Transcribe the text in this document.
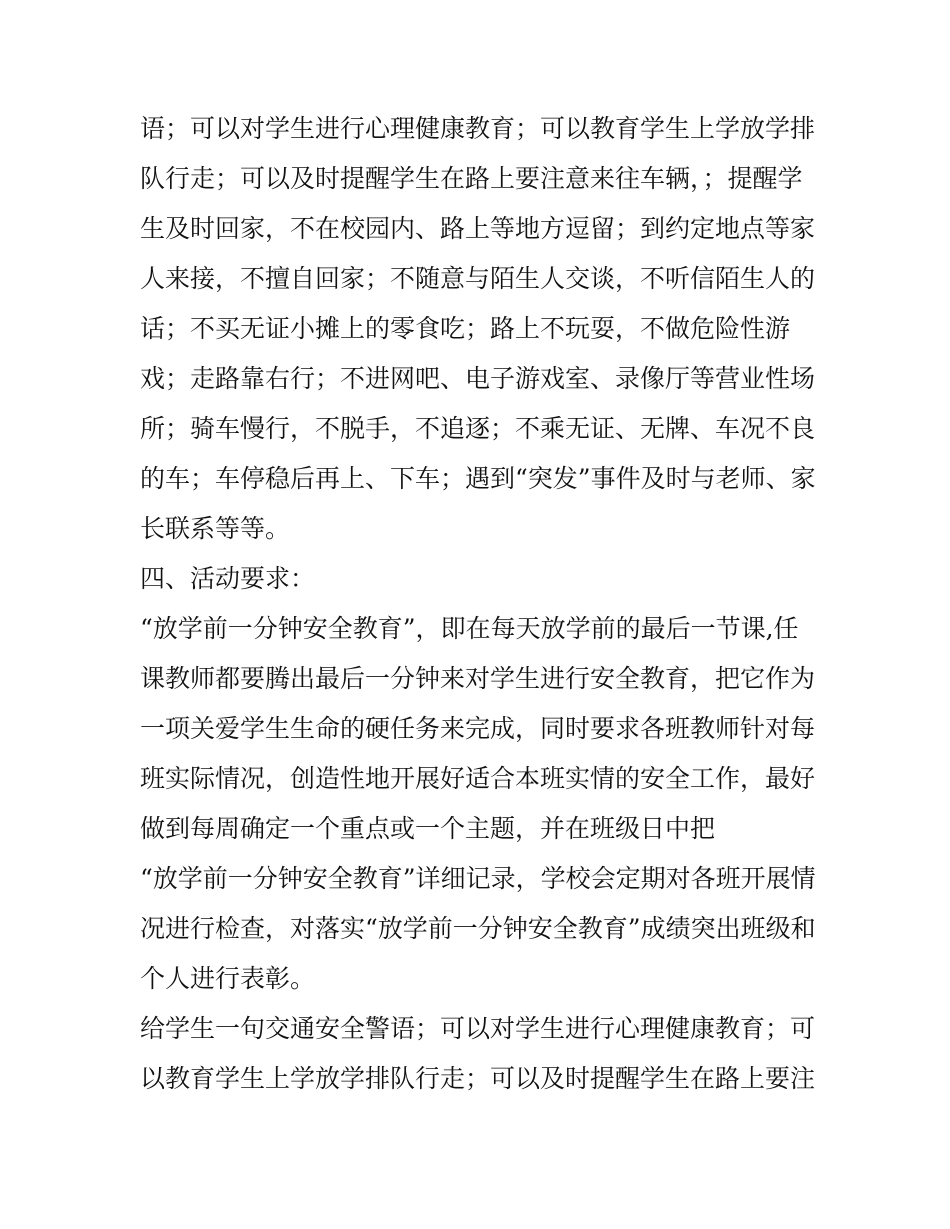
语；可以对学生进行心理健康教育；可以教育学生上学放学排
队行走；可以及时提醒学生在路上要注意来往车辆，；提醒学
生及时回家，不在校园内、路上等地方逗留；到约定地点等家
人来接，不擅自回家；不随意与陌生人交谈，不听信陌生人的
话；不买无证小摊上的零食吃；路上不玩耍，不做危险性游
戏；走路靠右行；不进网吧、电子游戏室、录像厅等营业性场
所；骑车慢行，不脱手，不追逐；不乘无证、无牌、车况不良
的车；车停稳后再上、下车；遇到“突发”事件及时与老师、家
长联系等等。
四、活动要求：
“放学前一分钟安全教育”，即在每天放学前的最后一节课,任
课教师都要腾出最后一分钟来对学生进行安全教育，把它作为
一项关爱学生生命的硬任务来完成，同时要求各班教师针对每
班实际情况，创造性地开展好适合本班实情的安全工作，最好
做到每周确定一个重点或一个主题，并在班级日中把
“放学前一分钟安全教育”详细记录，学校会定期对各班开展情
况进行检查，对落实“放学前一分钟安全教育”成绩突出班级和
个人进行表彰。
给学生一句交通安全警语；可以对学生进行心理健康教育；可
以教育学生上学放学排队行走；可以及时提醒学生在路上要注
